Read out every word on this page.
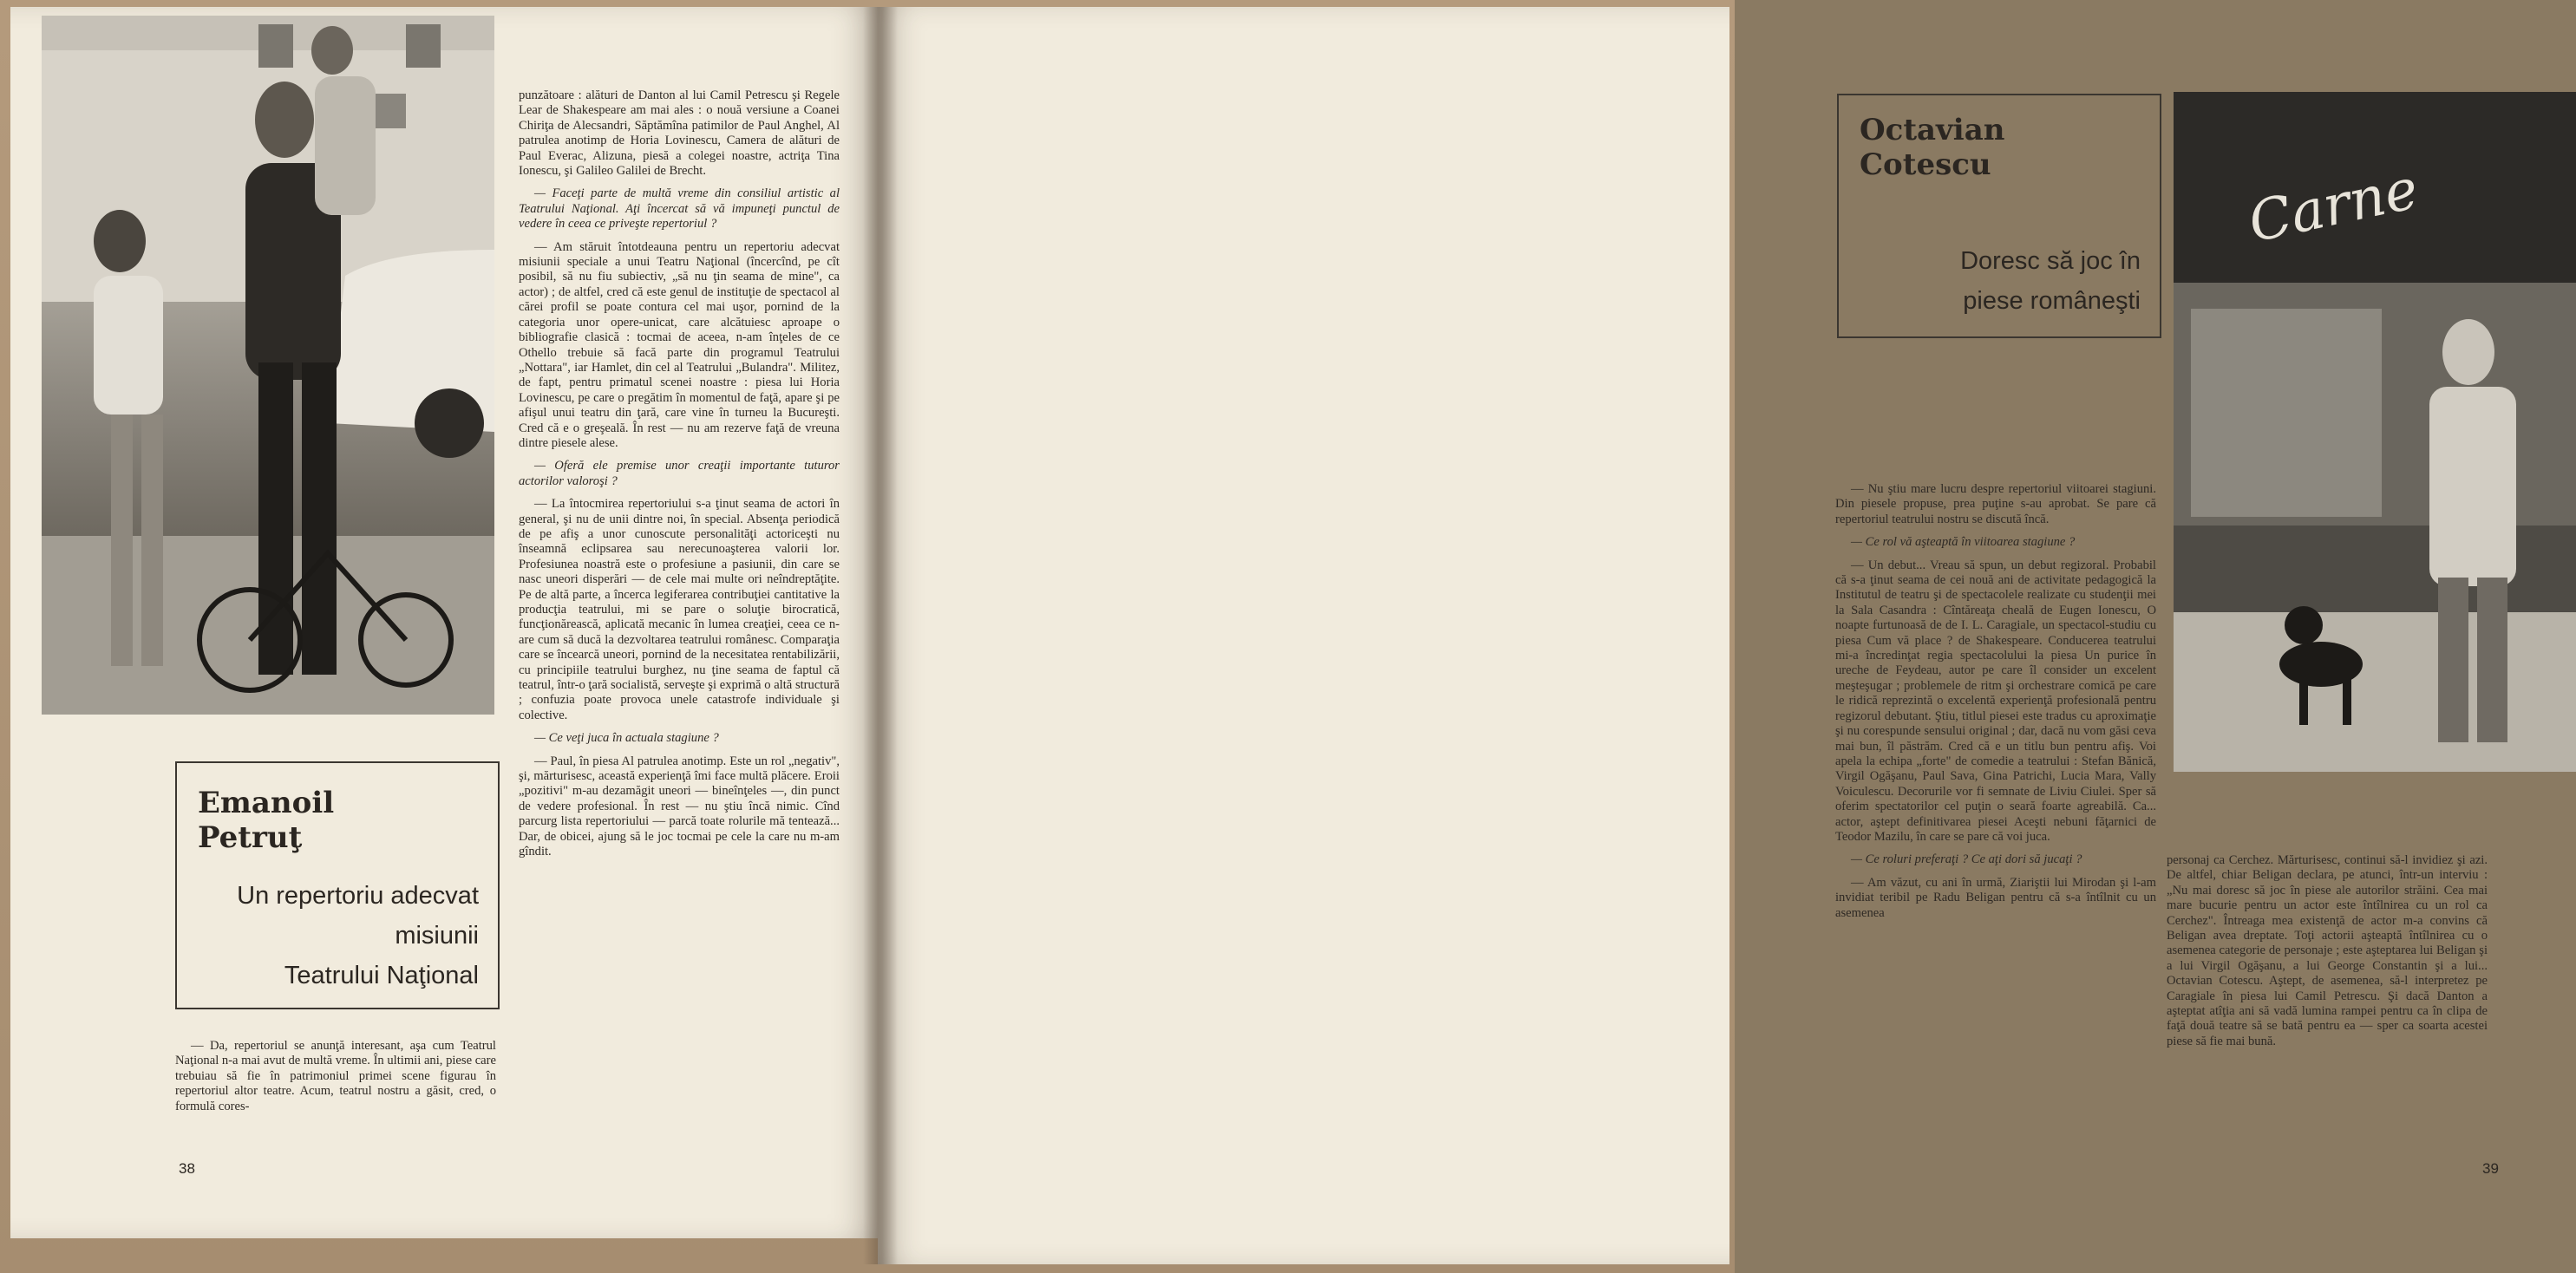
Emanoil
Petruţ
Un repertoriu adecvat
misiunii
Teatrului Naţional

— Da, repertoriul se anunţă interesant, aşa cum Teatrul Naţional n-a mai avut de multă vreme. În ultimii ani, piese care trebuiau să fie în patrimoniul primei scene figurau în repertoriul altor teatre. Acum, teatrul nostru a găsit, cred, o formulă cores-

punzătoare : alături de Danton al lui Camil Petrescu şi Regele Lear de Shakespeare am mai ales : o nouă versiune a Coanei Chiriţa de Alecsandri, Săptămîna patimilor de Paul Anghel, Al patrulea anotimp de Horia Lovinescu, Camera de alături de Paul Everac, Alizuna, piesă a colegei noastre, actriţa Tina Ionescu, şi Galileo Galilei de Brecht.

— Faceţi parte de multă vreme din consiliul artistic al Teatrului Naţional. Aţi încercat să vă impuneţi punctul de vedere în ceea ce priveşte repertoriul ?

— Am stăruit întotdeauna pentru un repertoriu adecvat misiunii speciale a unui Teatru Naţional (încercînd, pe cît posibil, să nu fiu subiectiv, „să nu ţin seama de mine", ca actor) ; de altfel, cred că este genul de instituţie de spectacol al cărei profil se poate contura cel mai uşor, pornind de la categoria unor opere-unicat, care alcătuiesc aproape o bibliografie clasică : tocmai de aceea, n-am înţeles de ce Othello trebuie să facă parte din programul Teatrului „Nottara", iar Hamlet, din cel al Teatrului „Bulandra". Militez, de fapt, pentru primatul scenei noastre : piesa lui Horia Lovinescu, pe care o pregătim în momentul de faţă, apare şi pe afişul unui teatru din ţară, care vine în turneu la Bucureşti. Cred că e o greşeală. În rest — nu am rezerve faţă de vreuna dintre piesele alese.

— Oferă ele premise unor creaţii importante tuturor actorilor valoroşi ?

— La întocmirea repertoriului s-a ţinut seama de actori în general, şi nu de unii dintre noi, în special. Absenţa periodică de pe afiş a unor cunoscute personalităţi actoriceşti nu înseamnă eclipsarea sau nerecunoaşterea valorii lor. Profesiunea noastră este o profesiune a pasiunii, din care se nasc uneori disperări — de cele mai multe ori neîndreptăţite. Pe de altă parte, a încerca legiferarea contribuţiei cantitative la producţia teatrului, mi se pare o soluţie birocratică, funcţionărească, aplicată mecanic în lumea creaţiei, ceea ce n-are cum să ducă la dezvoltarea teatrului românesc. Comparaţia care se încearcă uneori, pornind de la necesitatea rentabilizării, cu principiile teatrului burghez, nu ţine seama de faptul că teatrul, într-o ţară socialistă, serveşte şi exprimă o altă structură ; confuzia poate provoca unele catastrofe individuale şi colective.

— Ce veţi juca în actuala stagiune ?

— Paul, în piesa Al patrulea anotimp. Este un rol „negativ", şi, mărturisesc, această experienţă îmi face multă plăcere. Eroii „pozitivi" m-au dezamăgit uneori — bineînţeles —, din punct de vedere profesional. În rest — nu ştiu încă nimic. Cînd parcurg lista repertoriului — parcă toate rolurile mă tentează... Dar, de obicei, ajung să le joc tocmai pe cele la care nu m-am gîndit.

38
Octavian
Cotescu
Doresc să joc în
piese româneşti
Carne

— Nu ştiu mare lucru despre repertoriul viitoarei stagiuni. Din piesele propuse, prea puţine s-au aprobat. Se pare că repertoriul teatrului nostru se discută încă.

— Ce rol vă aşteaptă în viitoarea stagiune ?

— Un debut... Vreau să spun, un debut regizoral. Probabil că s-a ţinut seama de cei nouă ani de activitate pedagogică la Institutul de teatru şi de spectacolele realizate cu studenţii mei la Sala Casandra : Cîntăreaţa cheală de Eugen Ionescu, O noapte furtunoasă de de I. L. Caragiale, un spectacol-studiu cu piesa Cum vă place ? de Shakespeare. Conducerea teatrului mi-a încredinţat regia spectacolului la piesa Un purice în ureche de Feydeau, autor pe care îl consider un excelent meşteşugar ; problemele de ritm şi orchestrare comică pe care le ridică reprezintă o excelentă experienţă profesională pentru regizorul debutant. Ştiu, titlul piesei este tradus cu aproximaţie şi nu corespunde sensului original ; dar, dacă nu vom găsi ceva mai bun, îl păstrăm. Cred că e un titlu bun pentru afiş. Voi apela la echipa „forte" de comedie a teatrului : Stefan Bănică, Virgil Ogăşanu, Paul Sava, Gina Patrichi, Lucia Mara, Vally Voiculescu. Decorurile vor fi semnate de Liviu Ciulei. Sper să oferim spectatorilor cel puţin o seară foarte agreabilă. Ca... actor, aştept definitivarea piesei Aceşti nebuni făţarnici de Teodor Mazilu, în care se pare că voi juca.

— Ce roluri preferaţi ? Ce aţi dori să jucaţi ?

— Am văzut, cu ani în urmă, Ziariştii lui Mirodan şi l-am invidiat teribil pe Radu Beligan pentru că s-a întîlnit cu un asemenea

personaj ca Cerchez. Mărturisesc, continui să-l invidiez şi azi. De altfel, chiar Beligan declara, pe atunci, într-un interviu : „Nu mai doresc să joc în piese ale autorilor străini. Cea mai mare bucurie pentru un actor este întîlnirea cu un rol ca Cerchez". Întreaga mea existenţă de actor m-a convins că Beligan avea dreptate. Toţi actorii aşteaptă întîlnirea cu o asemenea categorie de personaje ; este aşteptarea lui Beligan şi a lui Virgil Ogăşanu, a lui George Constantin şi a lui... Octavian Cotescu. Aştept, de asemenea, să-l interpretez pe Caragiale în piesa lui Camil Petrescu. Şi dacă Danton a aşteptat atîţia ani să vadă lumina rampei pentru ca în clipa de faţă două teatre să se bată pentru ea — sper ca soarta acestei piese să fie mai bună.

39
